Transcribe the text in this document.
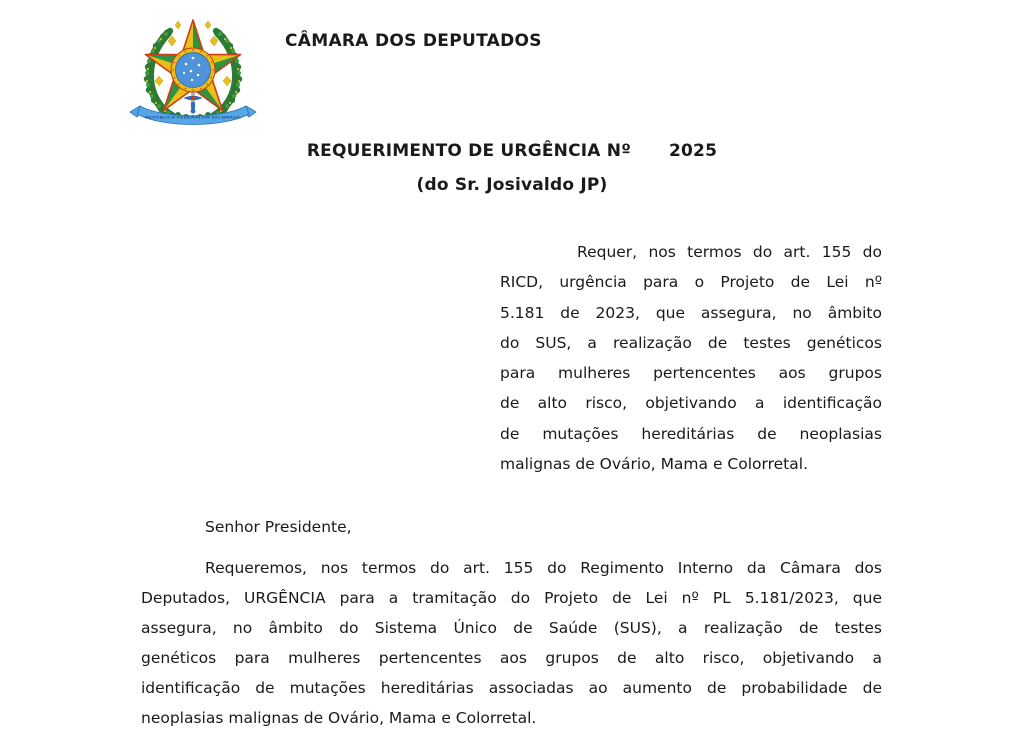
REPÚBLICA FEDERATIVA DO BRASIL
CÂMARA DOS DEPUTADOS
REQUERIMENTO DE URGÊNCIA Nº 2025
(do Sr. Josivaldo JP)
Requer, nos termos do art. 155 do
RICD, urgência para o Projeto de Lei nº
5.181 de 2023, que assegura, no âmbito
do SUS, a realização de testes genéticos
para mulheres pertencentes aos grupos
de alto risco, objetivando a identificação
de mutações hereditárias de neoplasias
malignas de Ovário, Mama e Colorretal.
Senhor Presidente,
Requeremos, nos termos do art. 155 do Regimento Interno da Câmara dos
Deputados, URGÊNCIA para a tramitação do Projeto de Lei nº PL 5.181/2023, que
assegura, no âmbito do Sistema Único de Saúde (SUS), a realização de testes
genéticos para mulheres pertencentes aos grupos de alto risco, objetivando a
identificação de mutações hereditárias associadas ao aumento de probabilidade de
neoplasias malignas de Ovário, Mama e Colorretal.
